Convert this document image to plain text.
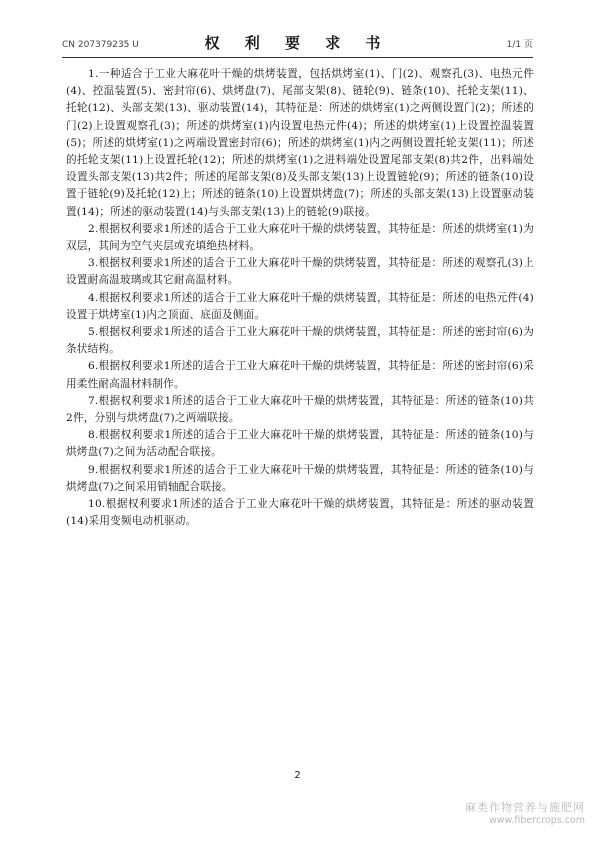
CN 207379235 U	权 利 要 求 书	1/1 页

1.一种适合于工业大麻花叶干燥的烘烤装置，包括烘烤室(1)、门(2)、观察孔(3)、电热元件(4)、控温装置(5)、密封帘(6)、烘烤盘(7)、尾部支架(8)、链轮(9)、链条(10)、托轮支架(11)、托轮(12)、头部支架(13)、驱动装置(14)，其特征是：所述的烘烤室(1)之两侧设置门(2)；所述的门(2)上设置观察孔(3)；所述的烘烤室(1)内设置电热元件(4)；所述的烘烤室(1)上设置控温装置(5)；所述的烘烤室(1)之两端设置密封帘(6)；所述的烘烤室(1)内之两侧设置托轮支架(11)；所述的托轮支架(11)上设置托轮(12)；所述的烘烤室(1)之进料端处设置尾部支架(8)共2件，出料端处设置头部支架(13)共2件；所述的尾部支架(8)及头部支架(13)上设置链轮(9)；所述的链条(10)设置于链轮(9)及托轮(12)上；所述的链条(10)上设置烘烤盘(7)；所述的头部支架(13)上设置驱动装置(14)；所述的驱动装置(14)与头部支架(13)上的链轮(9)联接。

2.根据权利要求1所述的适合于工业大麻花叶干燥的烘烤装置，其特征是：所述的烘烤室(1)为双层，其间为空气夹层或充填绝热材料。

3.根据权利要求1所述的适合于工业大麻花叶干燥的烘烤装置，其特征是：所述的观察孔(3)上设置耐高温玻璃或其它耐高温材料。

4.根据权利要求1所述的适合于工业大麻花叶干燥的烘烤装置，其特征是：所述的电热元件(4)设置于烘烤室(1)内之顶面、底面及侧面。

5.根据权利要求1所述的适合于工业大麻花叶干燥的烘烤装置，其特征是：所述的密封帘(6)为条状结构。

6.根据权利要求1所述的适合于工业大麻花叶干燥的烘烤装置，其特征是：所述的密封帘(6)采用柔性耐高温材料制作。

7.根据权利要求1所述的适合于工业大麻花叶干燥的烘烤装置，其特征是：所述的链条(10)共2件，分别与烘烤盘(7)之两端联接。

8.根据权利要求1所述的适合于工业大麻花叶干燥的烘烤装置，其特征是：所述的链条(10)与烘烤盘(7)之间为活动配合联接。

9.根据权利要求1所述的适合于工业大麻花叶干燥的烘烤装置，其特征是：所述的链条(10)与烘烤盘(7)之间采用销轴配合联接。

10.根据权利要求1所述的适合于工业大麻花叶干燥的烘烤装置，其特征是：所述的驱动装置(14)采用变频电动机驱动。

2
麻类作物营养与施肥网
www.fibercrops.com
